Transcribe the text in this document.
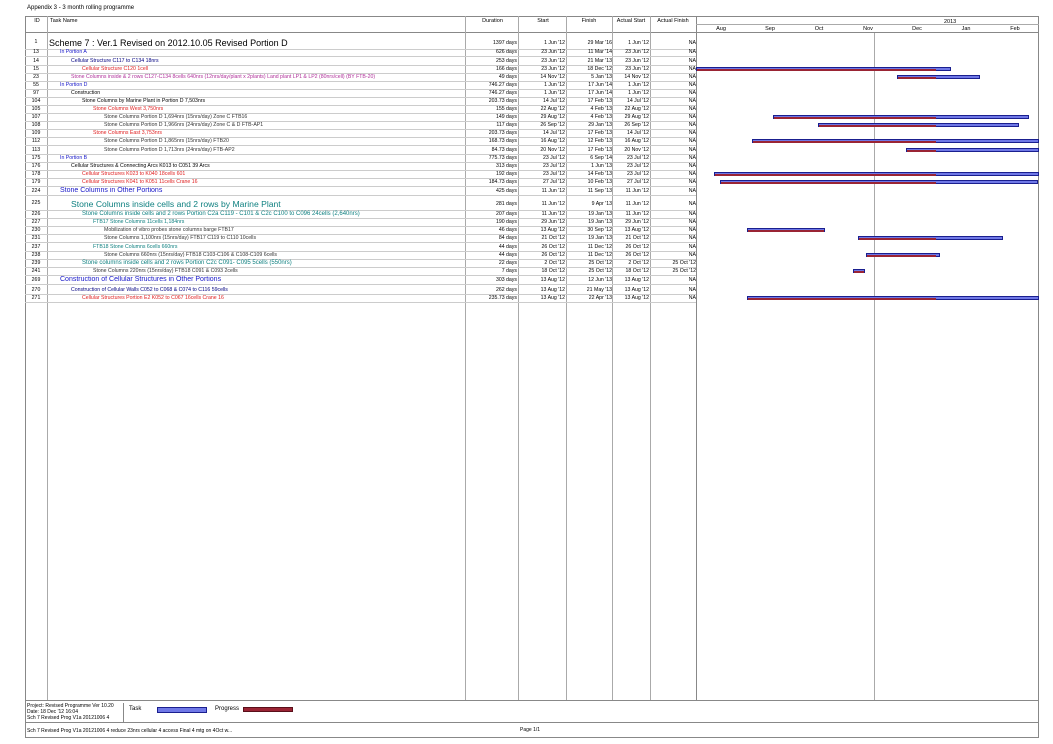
Appendix 3 - 3 month rolling programme
ID	Task Name	Duration	Start	Finish	Actual Start	Actual Finish	2013
Aug	Sep	Oct	Nov	Dec	Jan	Feb
1	Scheme 7 : Ver.1 Revised on 2012.10.05 Revised Portion D	1397 days	1 Jun '12	29 Mar '16	1 Jun '12	NA
13	In Portion A	626 days	23 Jun '12	11 Mar '14	23 Jun '12	NA
14	Cellular Structure C117 to C134 18nrs	253 days	23 Jun '12	21 Mar '13	23 Jun '12	NA
15	Cellular Structure C120 1cell	166 days	23 Jun '12	18 Dec '12	23 Jun '12	NA
23	Stone Columns inside & 2 rows C127-C134 8cells 640nrs (12nrs/day/plant x 2plants) Land plant LP1 & LP2 (80nrs/cell) (BY FTB-20)	49 days	14 Nov '12	5 Jan '13	14 Nov '12	NA
55	In Portion D	746.27 days	1 Jun '12	17 Jun '14	1 Jun '12	NA
97	Construction	746.27 days	1 Jun '12	17 Jun '14	1 Jun '12	NA
104	Stone Columns by Marine Plant in Portion D 7,503nrs	203.73 days	14 Jul '12	17 Feb '13	14 Jul '12	NA
105	Stone Columns West 3,750nrs	155 days	22 Aug '12	4 Feb '13	22 Aug '12	NA
107	Stone Columns Portion D 1,694nrs (15nrs/day) Zone C FTB16	149 days	29 Aug '12	4 Feb '13	29 Aug '12	NA
108	Stone Columns Portion D 1,966nrs (24nrs/day) Zone C & D FTB-AP1	117 days	26 Sep '12	29 Jan '13	26 Sep '12	NA
109	Stone Columns East 3,753nrs	203.73 days	14 Jul '12	17 Feb '13	14 Jul '12	NA
112	Stone Columns Portion D 1,865nrs (15nrs/day) FTB20	168.73 days	16 Aug '12	12 Feb '13	16 Aug '12	NA
113	Stone Columns Portion D 1,713nrs (24nrs/day) FTB-AP2	84.73 days	20 Nov '12	17 Feb '13	20 Nov '12	NA
175	In Portion B	775.73 days	23 Jul '12	6 Sep '14	23 Jul '12	NA
176	Cellular Structures & Connecting Arcs K013 to C051 39 Arcs	313 days	23 Jul '12	1 Jun '13	23 Jul '12	NA
178	Cellular Structures K023 to K040 18cells 601	192 days	23 Jul '12	14 Feb '13	23 Jul '12	NA
179	Cellular Structures K041 to K051 11cells Crane 16	184.73 days	27 Jul '12	10 Feb '13	27 Jul '12	NA
224	Stone Columns in Other Portions	425 days	11 Jun '12	11 Sep '13	11 Jun '12	NA
225	Stone Columns inside cells and 2 rows by Marine Plant	281 days	11 Jun '12	9 Apr '13	11 Jun '12	NA
226	Stone Columns inside cells and 2 rows Portion C2a C119 - C101 & C2c C100 to C096 24cells (2,640nrs)	207 days	11 Jun '12	19 Jan '13	11 Jun '12	NA
227	FTB17 Stone Columns 11cells 1,184nrs	190 days	29 Jun '12	19 Jan '13	29 Jun '12	NA
230	Mobilization of vibro probes stone columns barge FTB17	46 days	13 Aug '12	30 Sep '12	13 Aug '12	NA
231	Stone Columns 1,100nrs (15nrs/day) FTB17 C119 to C110 10cells	84 days	21 Oct '12	19 Jan '13	21 Oct '12	NA
237	FTB18 Stone Columns 6cells 660nrs	44 days	26 Oct '12	11 Dec '12	26 Oct '12	NA
238	Stone Columns 660nrs (15nrs/day) FTB18 C103-C106 & C108-C109 6cells	44 days	26 Oct '12	11 Dec '12	26 Oct '12	NA
239	Stone columns inside cells and 2 rows Portion C2c C091- C095 5cells (550nrs)	22 days	2 Oct '12	25 Oct '12	2 Oct '12	25 Oct '12
241	Stone Columns 220nrs (15nrs/day) FTB18 C091 & C093 2cells	7 days	18 Oct '12	25 Oct '12	18 Oct '12	25 Oct '12
269	Construction of Cellular Structures in Other Portions	303 days	13 Aug '12	12 Jun '13	13 Aug '12	NA
270	Construction of Cellular Walls C052 to C068 & C074 to C116 59cells	262 days	13 Aug '12	21 May '13	13 Aug '12	NA
271	Cellular Structures Portion E2 K052 to C067 16cells Crane 16	235.73 days	13 Aug '12	22 Apr '13	13 Aug '12	NA
Project: Revised Programme Ver 10.20
Date: 18 Dec '12 16:04
Sch 7 Revised Prog V1a 20121006 4
Task	Progress
Sch 7 Revised Prog V1a 20121006 4 reduce 23nrs cellular 4 access Final 4 mtg on 4Oct w...	Page 1/1
